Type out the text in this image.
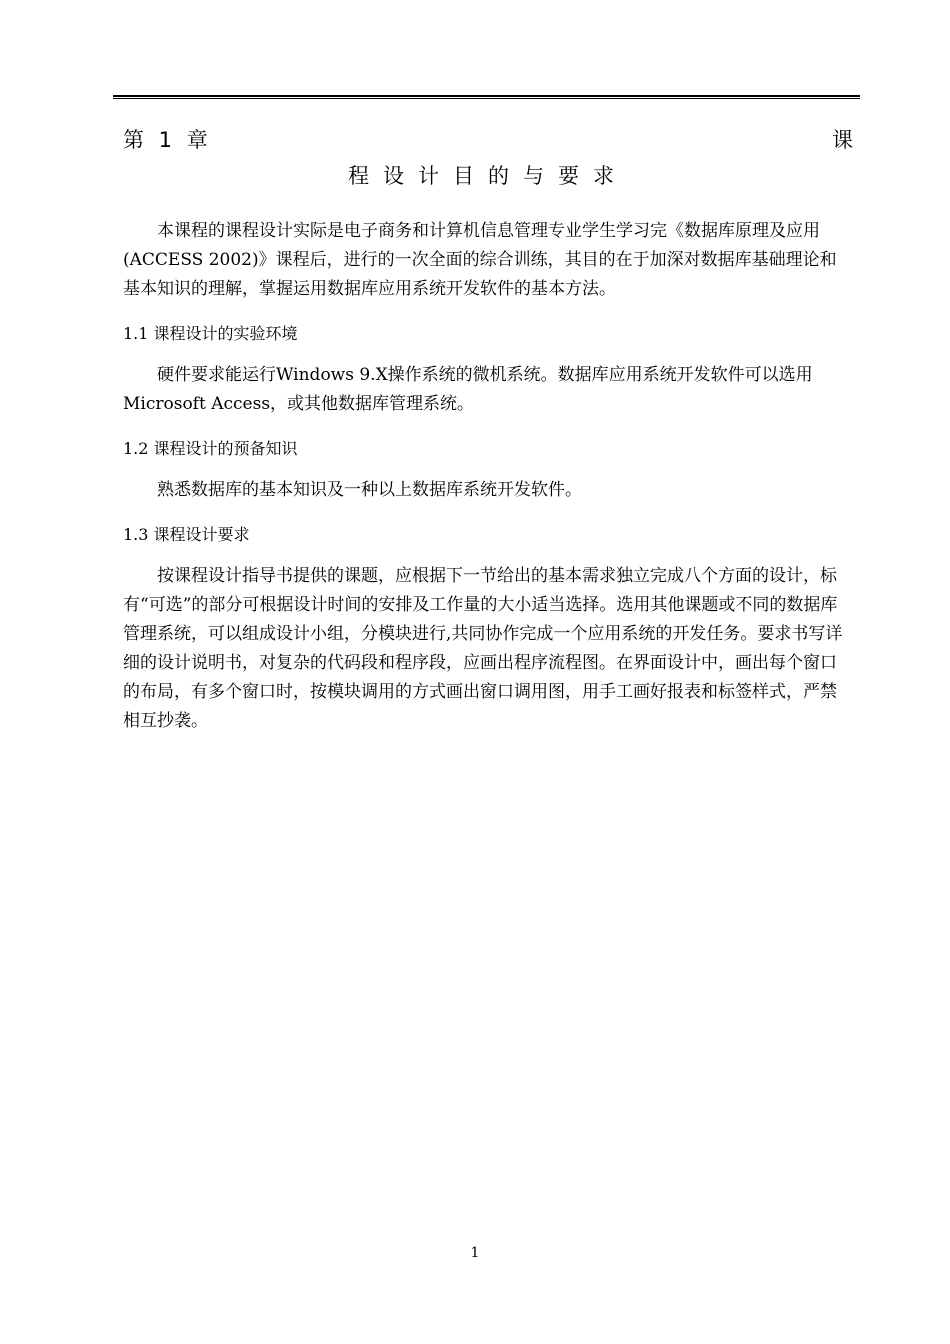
第 1 章	课
程设计目的与要求

本课程的课程设计实际是电子商务和计算机信息管理专业学生学习完《数据库原理及应用(ACCESS 2002)》课程后，进行的一次全面的综合训练，其目的在于加深对数据库基础理论和基本知识的理解，掌握运用数据库应用系统开发软件的基本方法。

1.1 课程设计的实验环境

硬件要求能运行Windows 9.X操作系统的微机系统。数据库应用系统开发软件可以选用Microsoft Access，或其他数据库管理系统。

1.2 课程设计的预备知识

熟悉数据库的基本知识及一种以上数据库系统开发软件。

1.3 课程设计要求

按课程设计指导书提供的课题，应根据下一节给出的基本需求独立完成八个方面的设计，标有“可选”的部分可根据设计时间的安排及工作量的大小适当选择。选用其他课题或不同的数据库管理系统，可以组成设计小组，分模块进行,共同协作完成一个应用系统的开发任务。要求书写详细的设计说明书，对复杂的代码段和程序段，应画出程序流程图。在界面设计中，画出每个窗口的布局，有多个窗口时，按模块调用的方式画出窗口调用图，用手工画好报表和标签样式，严禁相互抄袭。

1
